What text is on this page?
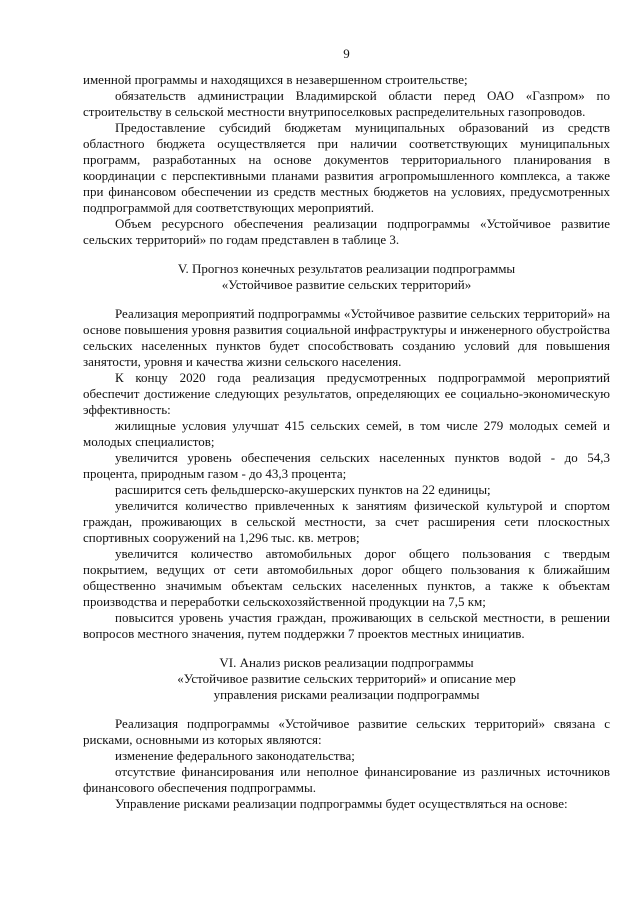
9

именной программы и находящихся в незавершенном строительстве;

обязательств администрации Владимирской области перед ОАО «Газпром» по строительству в сельской местности внутрипоселковых распределительных газопроводов.

Предоставление субсидий бюджетам муниципальных образований из средств областного бюджета осуществляется при наличии соответствующих муниципальных программ, разработанных на основе документов территориального планирования в координации с перспективными планами развития агропромышленного комплекса, а также при финансовом обеспечении из средств местных бюджетов на условиях, предусмотренных подпрограммой для соответствующих мероприятий.

Объем ресурсного обеспечения реализации подпрограммы «Устойчивое развитие сельских территорий» по годам представлен в таблице 3.

V. Прогноз конечных результатов реализации подпрограммы
«Устойчивое развитие сельских территорий»

Реализация мероприятий подпрограммы «Устойчивое развитие сельских территорий» на основе повышения уровня развития социальной инфраструктуры и инженерного обустройства сельских населенных пунктов будет способствовать созданию условий для повышения занятости, уровня и качества жизни сельского населения.

К концу 2020 года реализация предусмотренных подпрограммой мероприятий обеспечит достижение следующих результатов, определяющих ее социально-экономическую эффективность:

жилищные условия улучшат 415 сельских семей, в том числе 279 молодых семей и молодых специалистов;

увеличится уровень обеспечения сельских населенных пунктов водой - до 54,3 процента, природным газом - до 43,3 процента;

расширится сеть фельдшерско-акушерских пунктов на 22 единицы;

увеличится количество привлеченных к занятиям физической культурой и спортом граждан, проживающих в сельской местности, за счет расширения сети плоскостных спортивных сооружений на 1,296 тыс. кв. метров;

увеличится количество автомобильных дорог общего пользования с твердым покрытием, ведущих от сети автомобильных дорог общего пользования к ближайшим общественно значимым объектам сельских населенных пунктов, а также к объектам производства и переработки сельскохозяйственной продукции на 7,5 км;

повысится уровень участия граждан, проживающих в сельской местности, в решении вопросов местного значения, путем поддержки 7 проектов местных инициатив.

VI. Анализ рисков реализации подпрограммы
«Устойчивое развитие сельских территорий» и описание мер
управления рисками реализации подпрограммы

Реализация подпрограммы «Устойчивое развитие сельских территорий» связана с рисками, основными из которых являются:

изменение федерального законодательства;

отсутствие финансирования или неполное финансирование из различных источников финансового обеспечения подпрограммы.

Управление рисками реализации подпрограммы будет осуществляться на основе:
